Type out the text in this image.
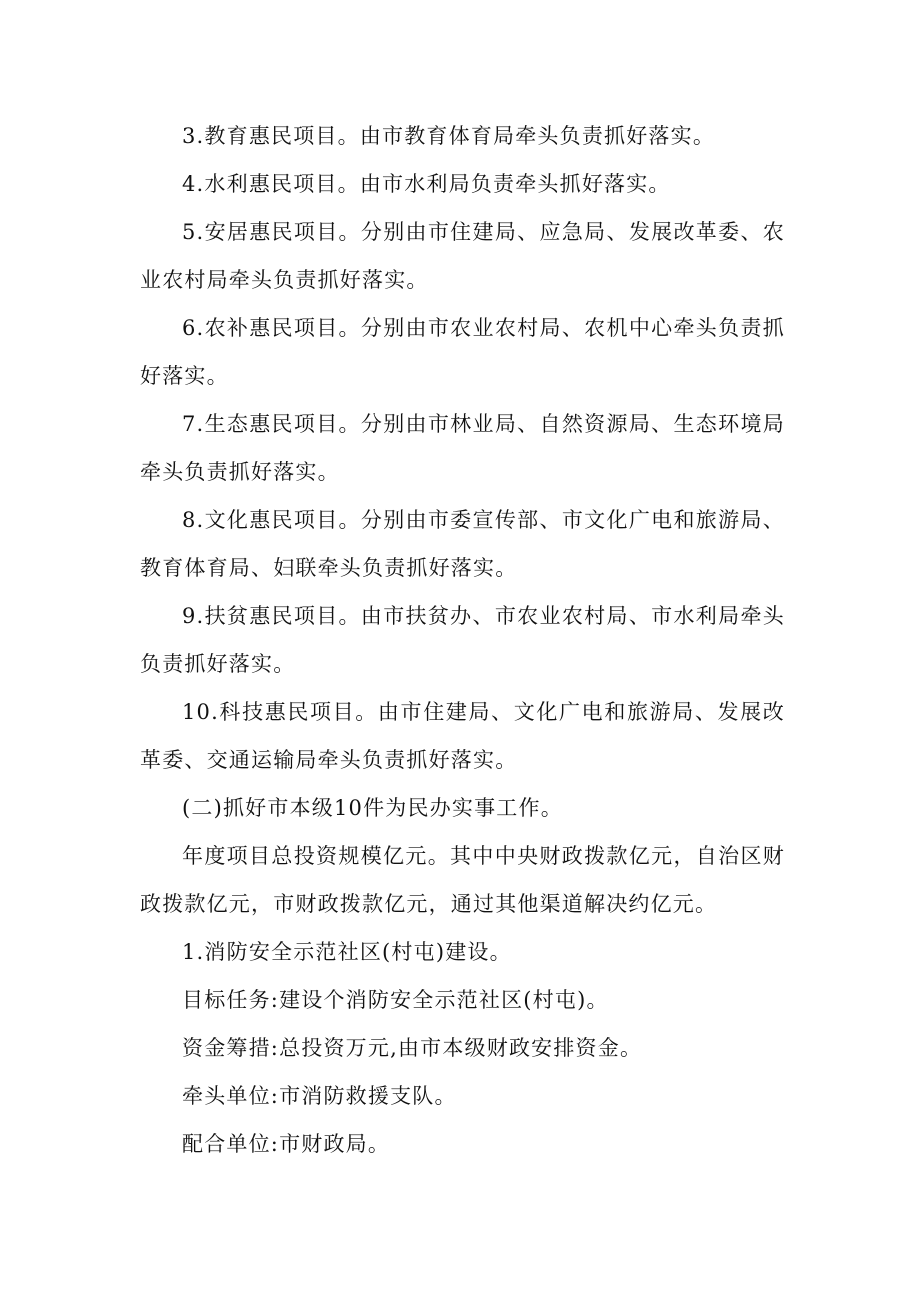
3.教育惠民项目。由市教育体育局牵头负责抓好落实。

4.水利惠民项目。由市水利局负责牵头抓好落实。

5.安居惠民项目。分别由市住建局、应急局、发展改革委、农业农村局牵头负责抓好落实。

6.农补惠民项目。分别由市农业农村局、农机中心牵头负责抓好落实。

7.生态惠民项目。分别由市林业局、自然资源局、生态环境局牵头负责抓好落实。

8.文化惠民项目。分别由市委宣传部、市文化广电和旅游局、教育体育局、妇联牵头负责抓好落实。

9.扶贫惠民项目。由市扶贫办、市农业农村局、市水利局牵头负责抓好落实。

10.科技惠民项目。由市住建局、文化广电和旅游局、发展改革委、交通运输局牵头负责抓好落实。

(二)抓好市本级10件为民办实事工作。

年度项目总投资规模亿元。其中中央财政拨款亿元，自治区财政拨款亿元，市财政拨款亿元，通过其他渠道解决约亿元。

1.消防安全示范社区(村屯)建设。

目标任务:建设个消防安全示范社区(村屯)。

资金筹措:总投资万元,由市本级财政安排资金。

牵头单位:市消防救援支队。

配合单位:市财政局。
